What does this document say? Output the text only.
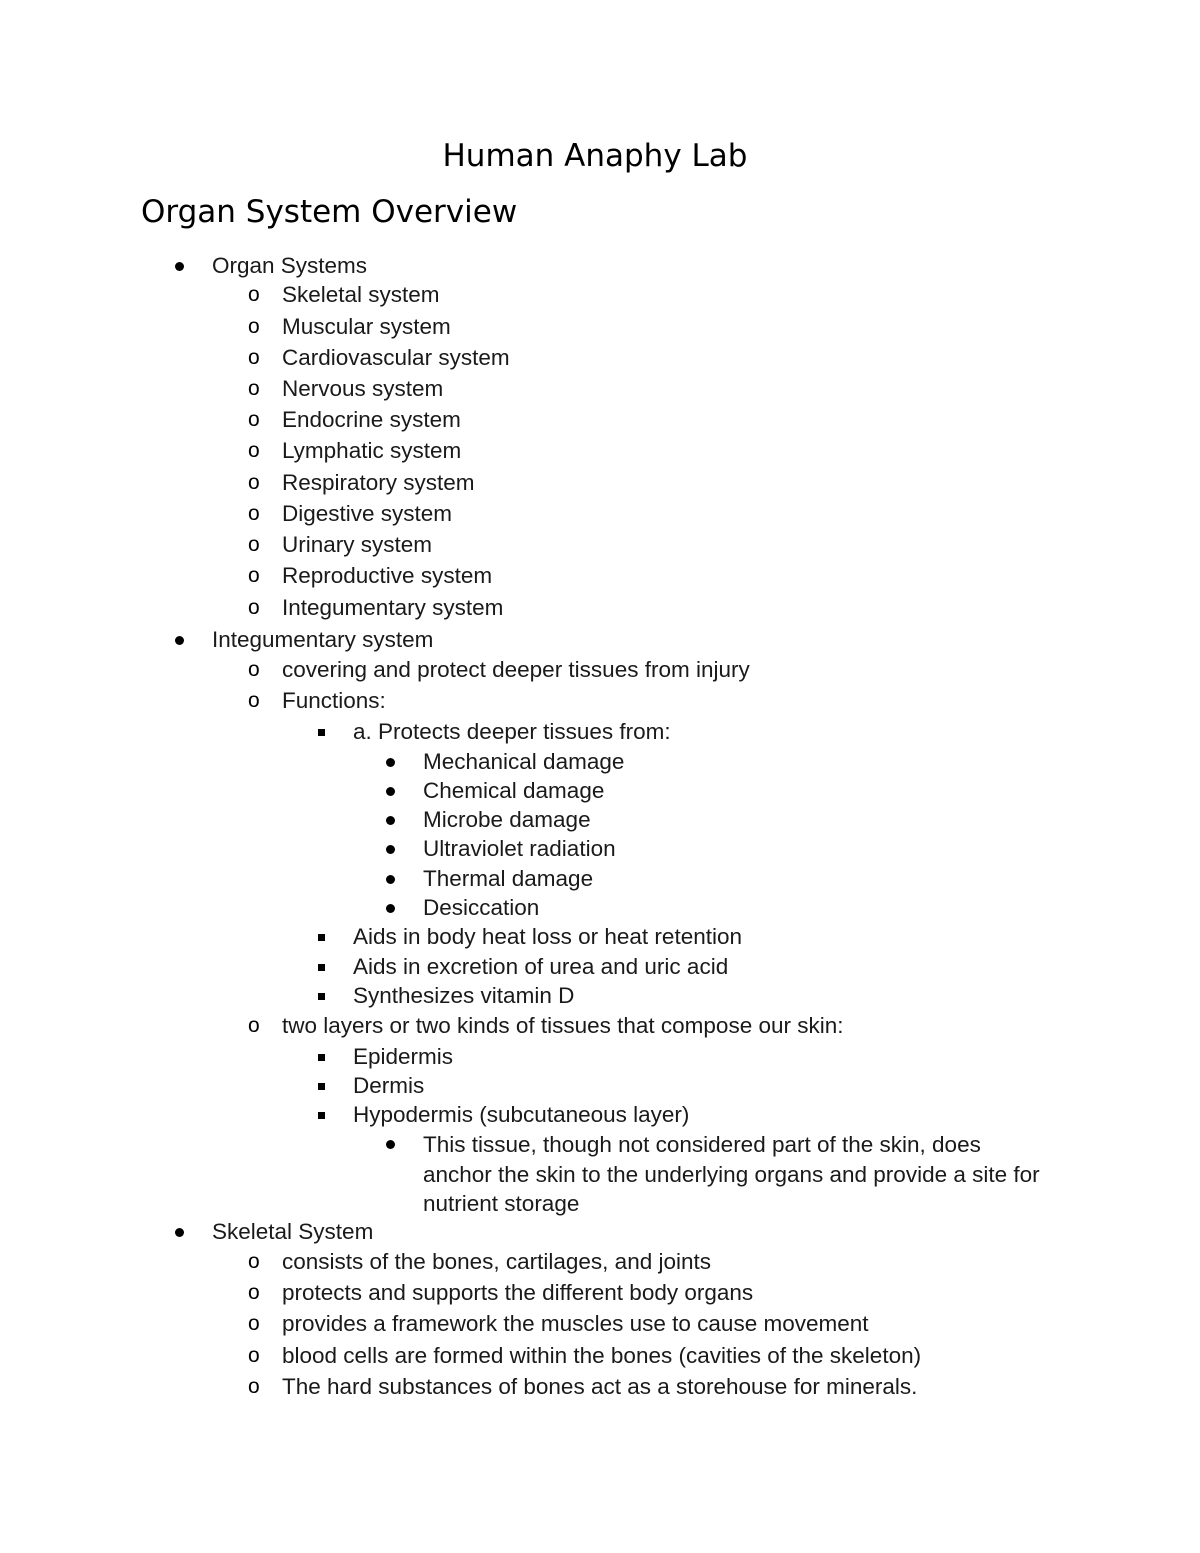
Human Anaphy Lab
Organ System Overview
Organ Systems
o Skeletal system
o Muscular system
o Cardiovascular system
o Nervous system
o Endocrine system
o Lymphatic system
o Respiratory system
o Digestive system
o Urinary system
o Reproductive system
o Integumentary system
Integumentary system
o covering and protect deeper tissues from injury
o Functions:
a. Protects deeper tissues from:
Mechanical damage
Chemical damage
Microbe damage
Ultraviolet radiation
Thermal damage
Desiccation
Aids in body heat loss or heat retention
Aids in excretion of urea and uric acid
Synthesizes vitamin D
o two layers or two kinds of tissues that compose our skin:
Epidermis
Dermis
Hypodermis (subcutaneous layer)
This tissue, though not considered part of the skin, does anchor the skin to the underlying organs and provide a site for nutrient storage
Skeletal System
o consists of the bones, cartilages, and joints
o protects and supports the different body organs
o provides a framework the muscles use to cause movement
o blood cells are formed within the bones (cavities of the skeleton)
o The hard substances of bones act as a storehouse for minerals.
